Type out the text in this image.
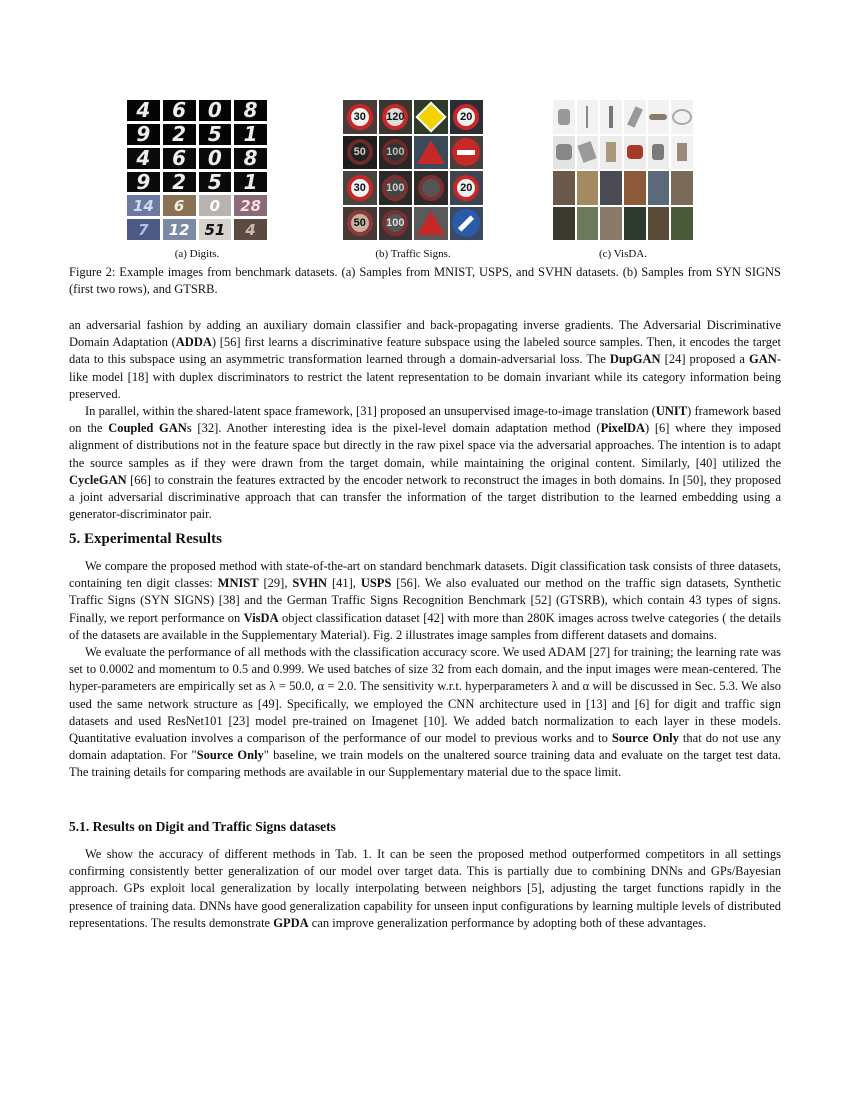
4 6 0 8
9 2 5 1
4 6 0 8
9 2 5 1
14 6 0 28
7 12 51 4
30	120	20
50	100
30	100	20
50	100
(a) Digits.	(b) Traffic Signs.	(c) VisDA.
Figure 2: Example images from benchmark datasets. (a) Samples from MNIST, USPS, and SVHN datasets. (b) Samples from SYN SIGNS (first two rows), and GTSRB.

an adversarial fashion by adding an auxiliary domain classifier and back-propagating inverse gradients. The Adversarial Discriminative Domain Adaptation (ADDA) [56] first learns a discriminative feature subspace using the labeled source samples. Then, it encodes the target data to this subspace using an asymmetric transformation learned through a domain-adversarial loss. The DupGAN [24] proposed a GAN-like model [18] with duplex discriminators to restrict the latent representation to be domain invariant while its category information being preserved.

In parallel, within the shared-latent space framework, [31] proposed an unsupervised image-to-image translation (UNIT) framework based on the Coupled GANs [32]. Another interesting idea is the pixel-level domain adaptation method (PixelDA) [6] where they imposed alignment of distributions not in the feature space but directly in the raw pixel space via the adversarial approaches. The intention is to adapt the source samples as if they were drawn from the target domain, while maintaining the original content. Similarly, [40] utilized the CycleGAN [66] to constrain the features extracted by the encoder network to reconstruct the images in both domains. In [50], they proposed a joint adversarial discriminative approach that can transfer the information of the target distribution to the learned embedding using a generator-discriminator pair.

5. Experimental Results

We compare the proposed method with state-of-the-art on standard benchmark datasets. Digit classification task consists of three datasets, containing ten digit classes: MNIST [29], SVHN [41], USPS [56]. We also evaluated our method on the traffic sign datasets, Synthetic Traffic Signs (SYN SIGNS) [38] and the German Traffic Signs Recognition Benchmark [52] (GTSRB), which contain 43 types of signs. Finally, we report performance on VisDA object classification dataset [42] with more than 280K images across twelve categories ( the details of the datasets are available in the Supplementary Material). Fig. 2 illustrates image samples from different datasets and domains.

We evaluate the performance of all methods with the classification accuracy score. We used ADAM [27] for training; the learning rate was set to 0.0002 and momentum to 0.5 and 0.999. We used batches of size 32 from each domain, and the input images were mean-centered. The hyper-parameters are empirically set as λ = 50.0, α = 2.0. The sensitivity w.r.t. hyperparameters λ and α will be discussed in Sec. 5.3. We also used the same network structure as [49]. Specifically, we employed the CNN architecture used in [13] and [6] for digit and traffic sign datasets and used ResNet101 [23] model pre-trained on Imagenet [10]. We added batch normalization to each layer in these models. Quantitative evaluation involves a comparison of the performance of our model to previous works and to Source Only that do not use any domain adaptation. For "Source Only" baseline, we train models on the unaltered source training data and evaluate on the target test data. The training details for comparing methods are available in our Supplementary material due to the space limit.

5.1. Results on Digit and Traffic Signs datasets

We show the accuracy of different methods in Tab. 1. It can be seen the proposed method outperformed competitors in all settings confirming consistently better generalization of our model over target data. This is partially due to combining DNNs and GPs/Bayesian approach. GPs exploit local generalization by locally interpolating between neighbors [5], adjusting the target functions rapidly in the presence of training data. DNNs have good generalization capability for unseen input configurations by learning multiple levels of distributed representations. The results demonstrate GPDA can improve generalization performance by adopting both of these advantages.
